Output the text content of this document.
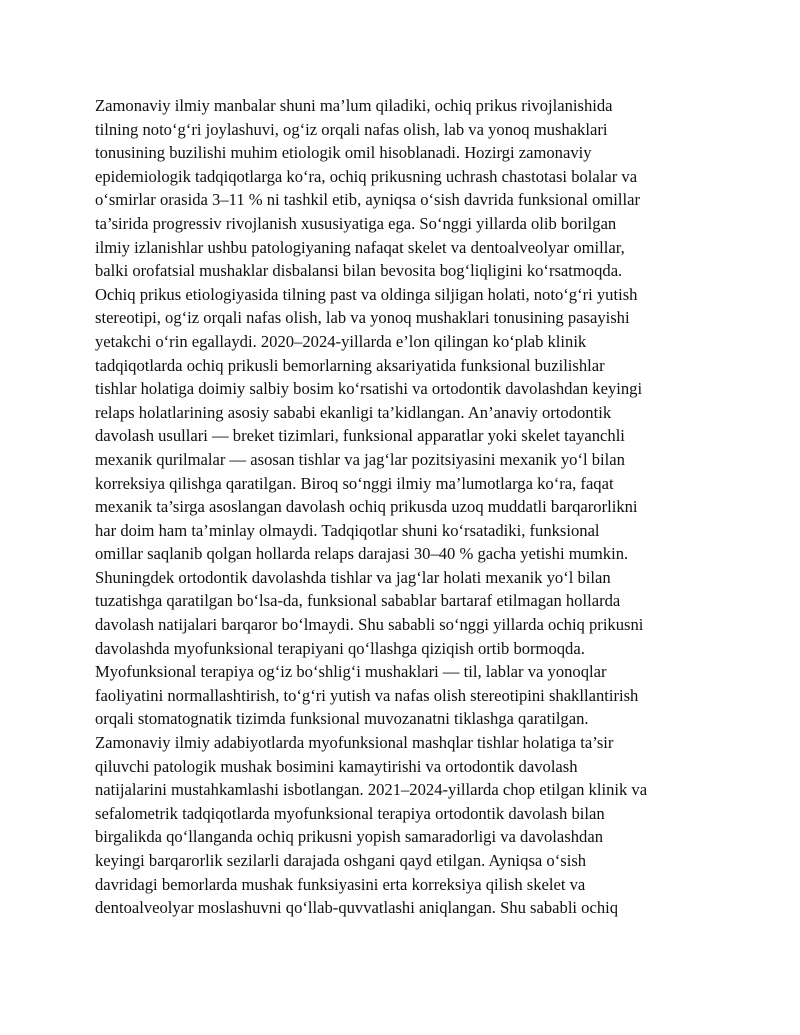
Zamonaviy ilmiy manbalar shuni ma’lum qiladiki, ochiq prikus rivojlanishida
tilning noto‘g‘ri joylashuvi, og‘iz orqali nafas olish, lab va yonoq mushaklari
tonusining buzilishi muhim etiologik omil hisoblanadi. Hozirgi zamonaviy
epidemiologik tadqiqotlarga ko‘ra, ochiq prikusning uchrash chastotasi bolalar va
o‘smirlar orasida 3–11 % ni tashkil etib, ayniqsa o‘sish davrida funksional omillar
ta’sirida progressiv rivojlanish xususiyatiga ega. So‘nggi yillarda olib borilgan
ilmiy izlanishlar ushbu patologiyaning nafaqat skelet va dentoalveolyar omillar,
balki orofatsial mushaklar disbalansi bilan bevosita bog‘liqligini ko‘rsatmoqda.
Ochiq prikus etiologiyasida tilning past va oldinga siljigan holati, noto‘g‘ri yutish
stereotipi, og‘iz orqali nafas olish, lab va yonoq mushaklari tonusining pasayishi
yetakchi o‘rin egallaydi. 2020–2024-yillarda e’lon qilingan ko‘plab klinik
tadqiqotlarda ochiq prikusli bemorlarning aksariyatida funksional buzilishlar
tishlar holatiga doimiy salbiy bosim ko‘rsatishi va ortodontik davolashdan keyingi
relaps holatlarining asosiy sababi ekanligi ta’kidlangan. An’anaviy ortodontik
davolash usullari — breket tizimlari, funksional apparatlar yoki skelet tayanchli
mexanik qurilmalar — asosan tishlar va jag‘lar pozitsiyasini mexanik yo‘l bilan
korreksiya qilishga qaratilgan. Biroq so‘nggi ilmiy ma’lumotlarga ko‘ra, faqat
mexanik ta’sirga asoslangan davolash ochiq prikusda uzoq muddatli barqarorlikni
har doim ham ta’minlay olmaydi. Tadqiqotlar shuni ko‘rsatadiki, funksional
omillar saqlanib qolgan hollarda relaps darajasi 30–40 % gacha yetishi mumkin.
Shuningdek ortodontik davolashda tishlar va jag‘lar holati mexanik yo‘l bilan
tuzatishga qaratilgan bo‘lsa-da, funksional sabablar bartaraf etilmagan hollarda
davolash natijalari barqaror bo‘lmaydi. Shu sababli so‘nggi yillarda ochiq prikusni
davolashda myofunksional terapiyani qo‘llashga qiziqish ortib bormoqda.
Myofunksional terapiya og‘iz bo‘shlig‘i mushaklari — til, lablar va yonoqlar
faoliyatini normallashtirish, to‘g‘ri yutish va nafas olish stereotipini shakllantirish
orqali stomatognatik tizimda funksional muvozanatni tiklashga qaratilgan.
Zamonaviy ilmiy adabiyotlarda myofunksional mashqlar tishlar holatiga ta’sir
qiluvchi patologik mushak bosimini kamaytirishi va ortodontik davolash
natijalarini mustahkamlashi isbotlangan. 2021–2024-yillarda chop etilgan klinik va
sefalometrik tadqiqotlarda myofunksional terapiya ortodontik davolash bilan
birgalikda qo‘llanganda ochiq prikusni yopish samaradorligi va davolashdan
keyingi barqarorlik sezilarli darajada oshgani qayd etilgan. Ayniqsa o‘sish
davridagi bemorlarda mushak funksiyasini erta korreksiya qilish skelet va
dentoalveolyar moslashuvni qo‘llab-quvvatlashi aniqlangan. Shu sababli ochiq
